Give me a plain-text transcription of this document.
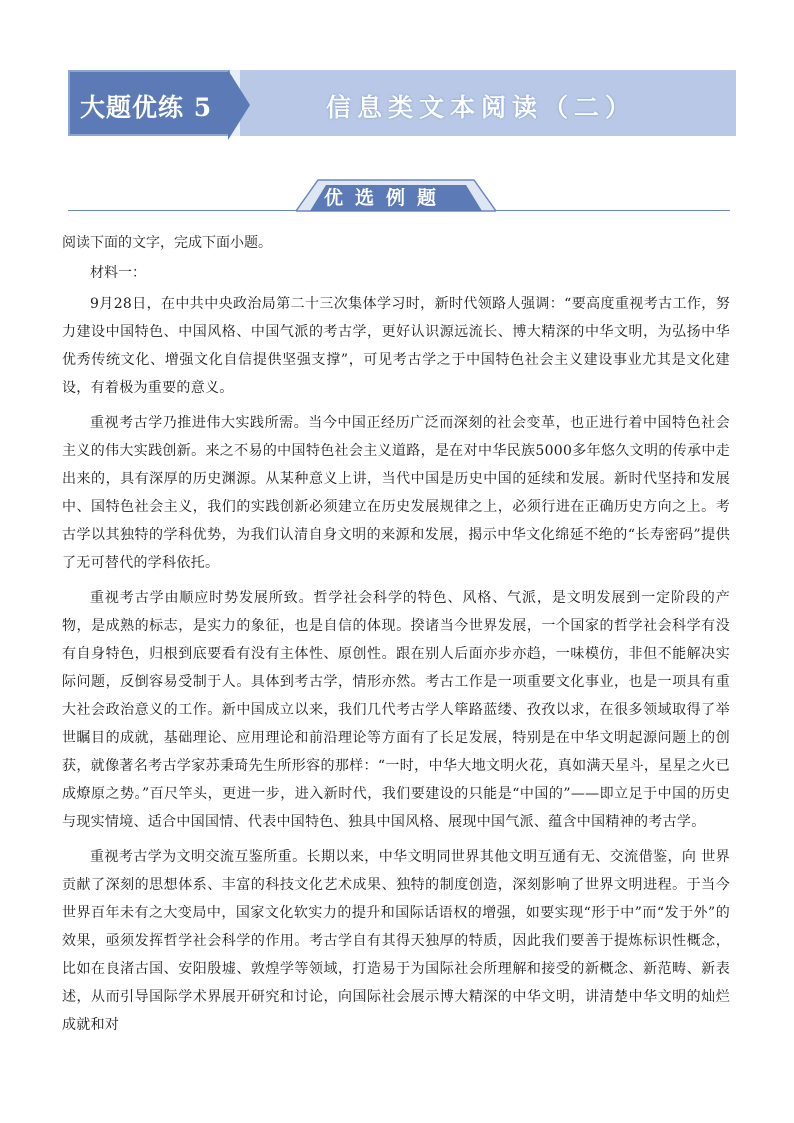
大题优练 5	信息类文本阅读（二）
优选例题
阅读下面的文字，完成下面小题。
材料一：

9月28日，在中共中央政治局第二十三次集体学习时，新时代领路人强调：“要高度重视考古工作，努力建设中国特色、中国风格、中国气派的考古学，更好认识源远流长、博大精深的中华文明，为弘扬中华优秀传统文化、增强文化自信提供坚强支撑”，可见考古学之于中国特色社会主义建设事业尤其是文化建设，有着极为重要的意义。

重视考古学乃推进伟大实践所需。当今中国正经历广泛而深刻的社会变革，也正进行着中国特色社会主义的伟大实践创新。来之不易的中国特色社会主义道路，是在对中华民族5000多年悠久文明的传承中走出来的，具有深厚的历史渊源。从某种意义上讲，当代中国是历史中国的延续和发展。新时代坚持和发展中、国特色社会主义，我们的实践创新必须建立在历史发展规律之上，必须行进在正确历史方向之上。考古学以其独特的学科优势，为我们认清自身文明的来源和发展，揭示中华文化绵延不绝的“长寿密码”提供了无可替代的学科依托。

重视考古学由顺应时势发展所致。哲学社会科学的特色、风格、气派，是文明发展到一定阶段的产物，是成熟的标志，是实力的象征，也是自信的体现。揆诸当今世界发展，一个国家的哲学社会科学有没有自身特色，归根到底要看有没有主体性、原创性。跟在别人后面亦步亦趋，一味模仿，非但不能解决实际问题，反倒容易受制于人。具体到考古学，情形亦然。考古工作是一项重要文化事业，也是一项具有重大社会政治意义的工作。新中国成立以来，我们几代考古学人筚路蓝缕、孜孜以求，在很多领域取得了举世瞩目的成就，基础理论、应用理论和前沿理论等方面有了长足发展，特别是在中华文明起源问题上的创获，就像著名考古学家苏秉琦先生所形容的那样：“一时，中华大地文明火花，真如满天星斗，星星之火已成燎原之势。”百尺竿头，更进一步，进入新时代，我们要建设的只能是“中国的”——即立足于中国的历史与现实情境、适合中国国情、代表中国特色、独具中国风格、展现中国气派、蕴含中国精神的考古学。

重视考古学为文明交流互鉴所重。长期以来，中华文明同世界其他文明互通有无、交流借鉴，向 世界贡献了深刻的思想体系、丰富的科技文化艺术成果、独特的制度创造，深刻影响了世界文明进程。于当今世界百年未有之大变局中，国家文化软实力的提升和国际话语权的增强，如要实现“形于中”而“发于外”的效果，亟须发挥哲学社会科学的作用。考古学自有其得天独厚的特质，因此我们要善于提炼标识性概念，比如在良渚古国、安阳殷墟、敦煌学等领域，打造易于为国际社会所理解和接受的新概念、新范畴、新表述，从而引导国际学术界展开研究和讨论，向国际社会展示博大精深的中华文明，讲清楚中华文明的灿烂成就和对
